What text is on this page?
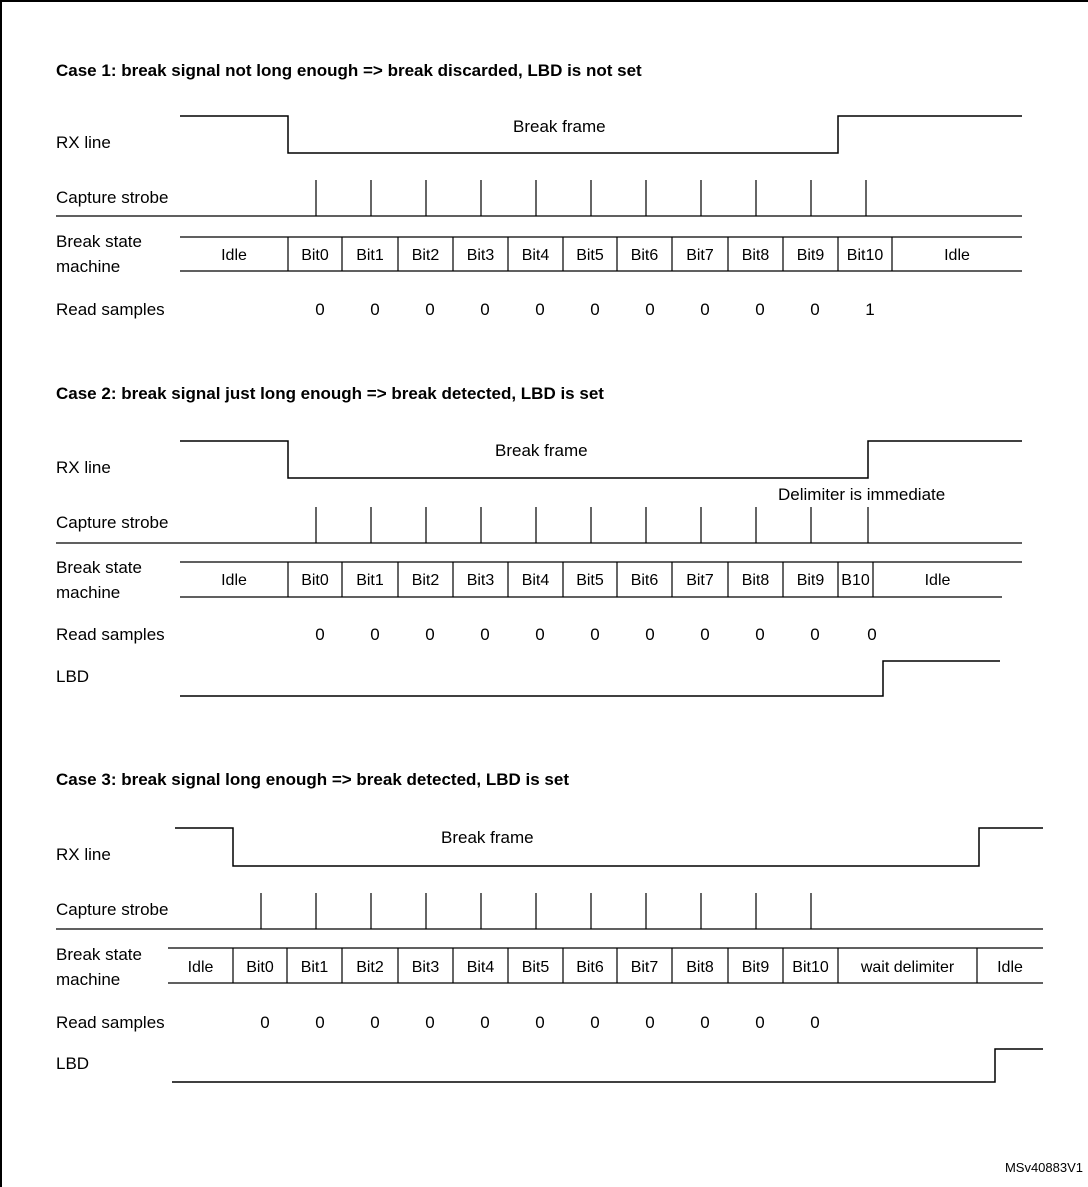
Case 1: break signal not long enough => break discarded, LBD is not set
RX line
Break frame
Capture strobe
Break state
machine
Idle	Bit0 Bit1 Bit2 Bit3 Bit4 Bit5 Bit6 Bit7 Bit8 Bit9 Bit10	Idle
Read samples	0	0	0	0	0	0	0	0	0	0	1
Case 2: break signal just long enough => break detected, LBD is set
RX line
Break frame
Delimiter is immediate
Capture strobe
Break state
machine
Idle	Bit0 Bit1 Bit2 Bit3 Bit4 Bit5 Bit6 Bit7 Bit8 Bit9 B10	Idle
Read samples	0	0	0	0	0	0	0	0	0	0	0
LBD
Case 3: break signal long enough => break detected, LBD is set
RX line
Break frame
Capture strobe
Break state
machine
Idle Bit0 Bit1 Bit2 Bit3 Bit4 Bit5 Bit6 Bit7 Bit8 Bit9 Bit10 wait delimiter	Idle
Read samples	0	0	0	0	0	0	0	0	0	0	0
LBD
MSv40883V1
